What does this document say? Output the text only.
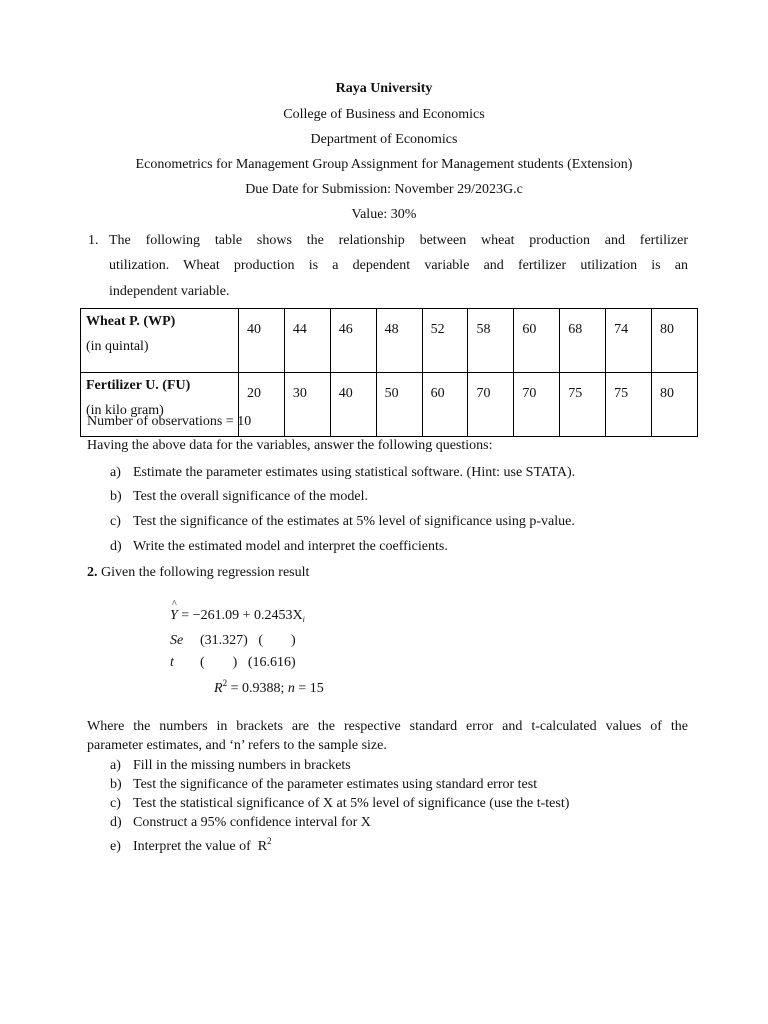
Raya University
College of Business and Economics
Department of Economics
Econometrics for Management Group Assignment for Management students (Extension)
Due Date for Submission: November 29/2023G.c
Value: 30%
1. The following table shows the relationship between wheat production and fertilizer
utilization. Wheat production is a dependent variable and fertilizer utilization is an
independent variable.
Wheat P. (WP)
(in quintal)	40	44	46	48	52	58	60	68	74	80

Fertilizer U. (FU)
(in kilo gram)	20	30	40	50	60	70	70	75	75	80
Number of observations = 10
Having the above data for the variables, answer the following questions:
a) Estimate the parameter estimates using statistical software. (Hint: use STATA).
b) Test the overall significance of the model.
c) Test the significance of the estimates at 5% level of significance using p-value.
d) Write the estimated model and interpret the coefficients.
2. Given the following regression result
^ $Y = -261.09 + 0.2453X_i$
Se (31.327)   (        )
t (        )   (16.616)
$R^2 = 0.9388$; n = 15
Where the numbers in brackets are the respective standard error and t-calculated values of the
parameter estimates, and ‘n’ refers to the sample size.
a) Fill in the missing numbers in brackets
b) Test the significance of the parameter estimates using standard error test
c) Test the statistical significance of X at 5% level of significance (use the t-test)
d) Construct a 95% confidence interval for X
e) Interpret the value of  $R^2$
